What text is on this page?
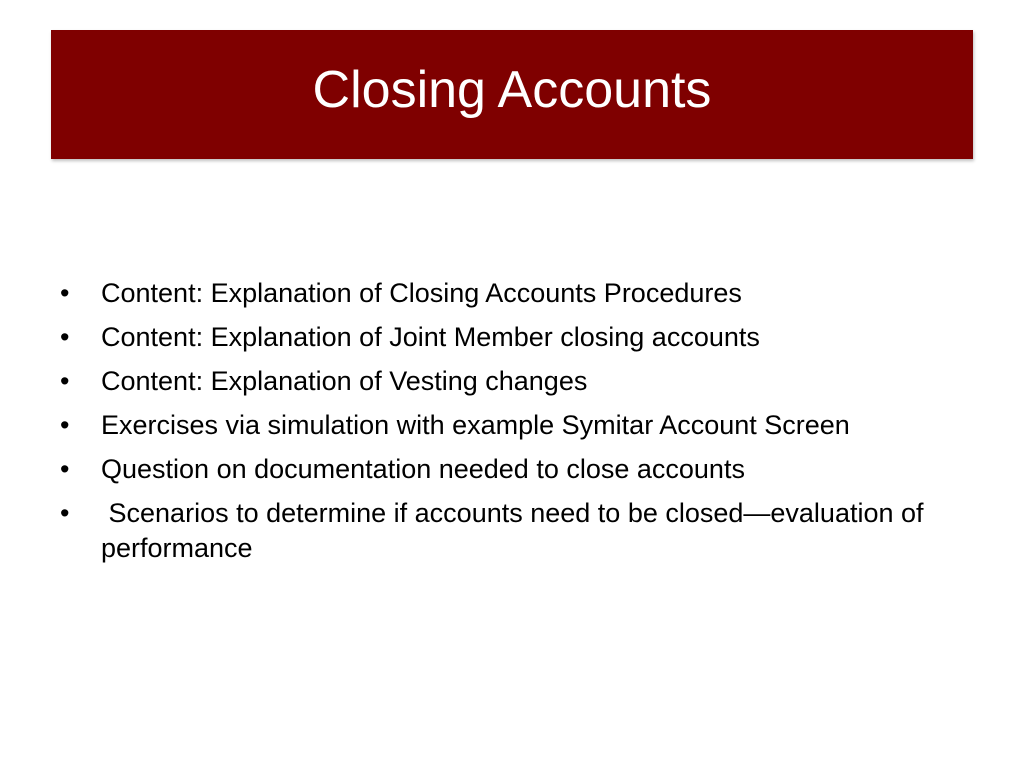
Closing Accounts
•	Content: Explanation of Closing Accounts Procedures
•	Content: Explanation of Joint Member closing accounts
•	Content: Explanation of Vesting changes
•	Exercises via simulation with example Symitar Account Screen
•	Question on documentation needed to close accounts
•	Scenarios to determine if accounts need to be closed—evaluation of performance
